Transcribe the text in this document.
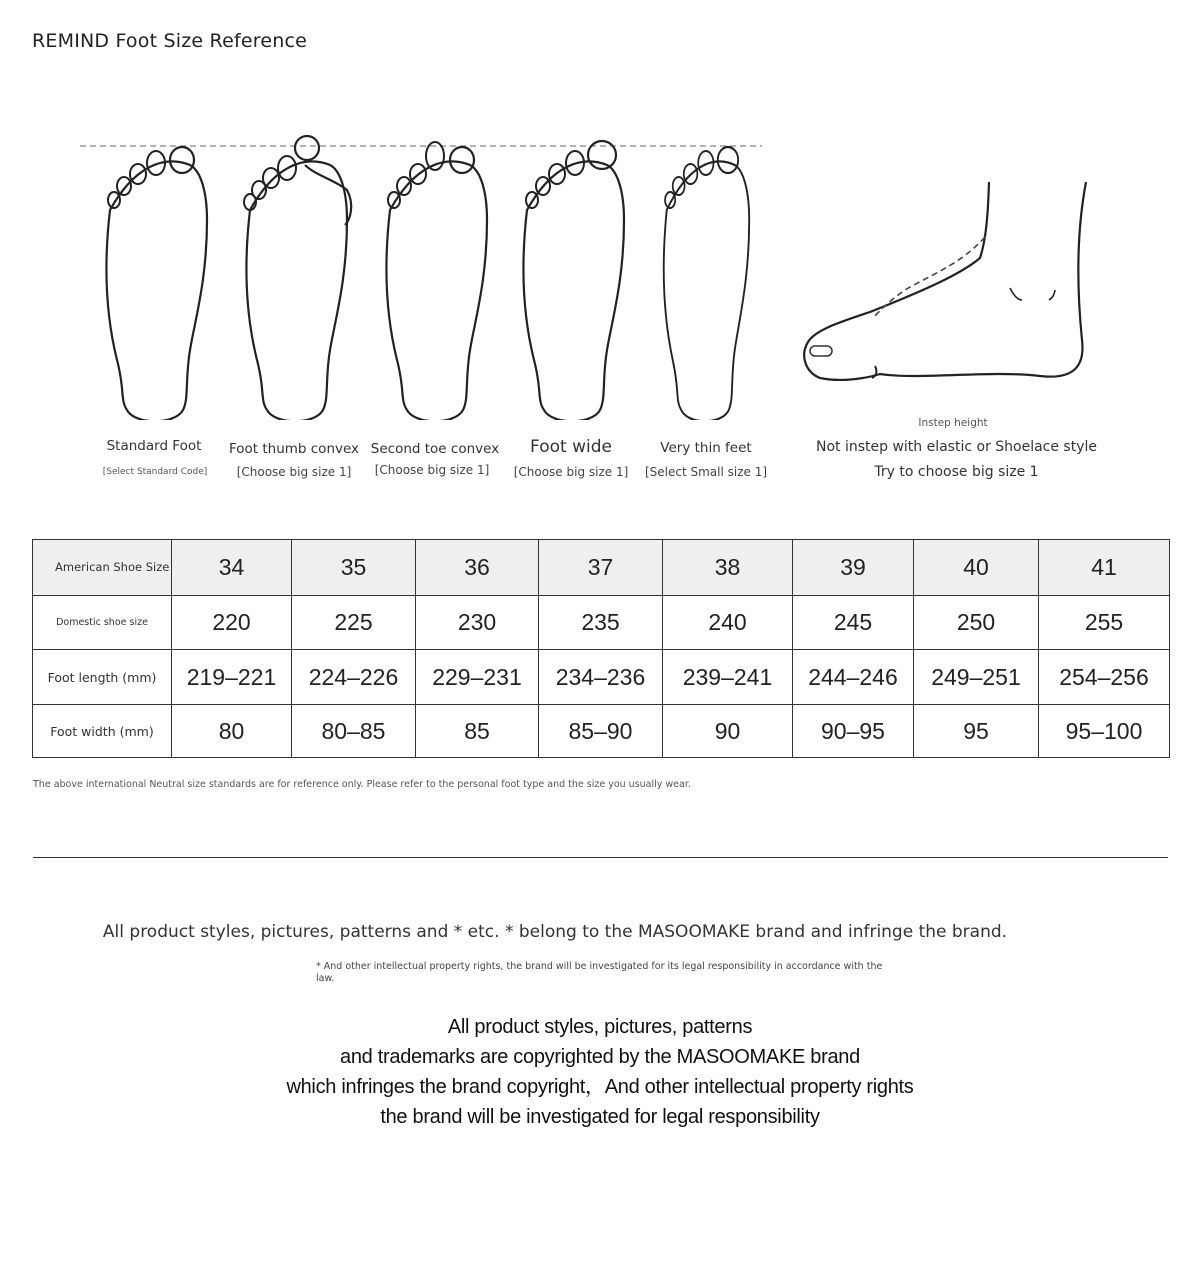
REMIND Foot Size Reference
Standard Foot
[Select Standard Code]
Foot thumb convex
[Choose big size 1]
Second toe convex
[Choose big size 1]
Foot wide
[Choose big size 1]
Very thin feet
[Select Small size 1]
Instep height
Not instep with elastic or Shoelace style
Try to choose big size 1
American Shoe Size	34	35	36	37	38	39	40	41
Domestic shoe size	220	225	230	235	240	245	250	255
Foot length (mm)	219–221	224–226	229–231	234–236	239–241	244–246	249–251	254–256
Foot width (mm)	80	80–85	85	85–90	90	90–95	95	95–100
The above international Neutral size standards are for reference only. Please refer to the personal foot type and the size you usually wear.
All product styles, pictures, patterns and * etc. * belong to the MASOOMAKE brand and infringe the brand.
* And other intellectual property rights, the brand will be investigated for its legal responsibility in accordance with the law.
All product styles, pictures, patterns
and trademarks are copyrighted by the MASOOMAKE brand
which infringes the brand copyright，And other intellectual property rights
the brand will be investigated for legal responsibility
